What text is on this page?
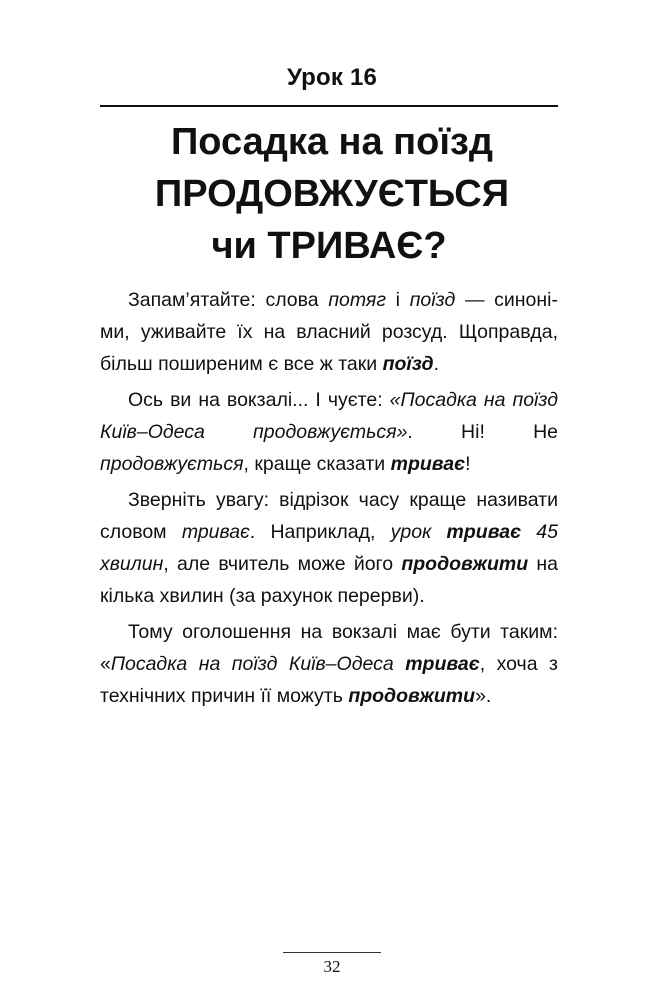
Урок 16
Посадка на поїзд
ПРОДОВЖУЄТЬСЯ
чи ТРИВАЄ?

Запам’ятайте: слова потяг і поїзд — синоні-ми, уживайте їх на власний розсуд. Щоправда, більш поширеним є все ж таки поїзд.

Ось ви на вокзалі... І чуєте: «Посадка на поїзд Київ–Одеса продовжується». Ні! Не продовжується, краще сказати триває!

Зверніть увагу: відрізок часу краще називати словом триває. Наприклад, урок триває 45 хвилин, але вчитель може його продовжити на кілька хвилин (за рахунок перерви).

Тому оголошення на вокзалі має бути таким: «Посадка на поїзд Київ–Одеса триває, хоча з технічних причин її можуть продовжити».

32
